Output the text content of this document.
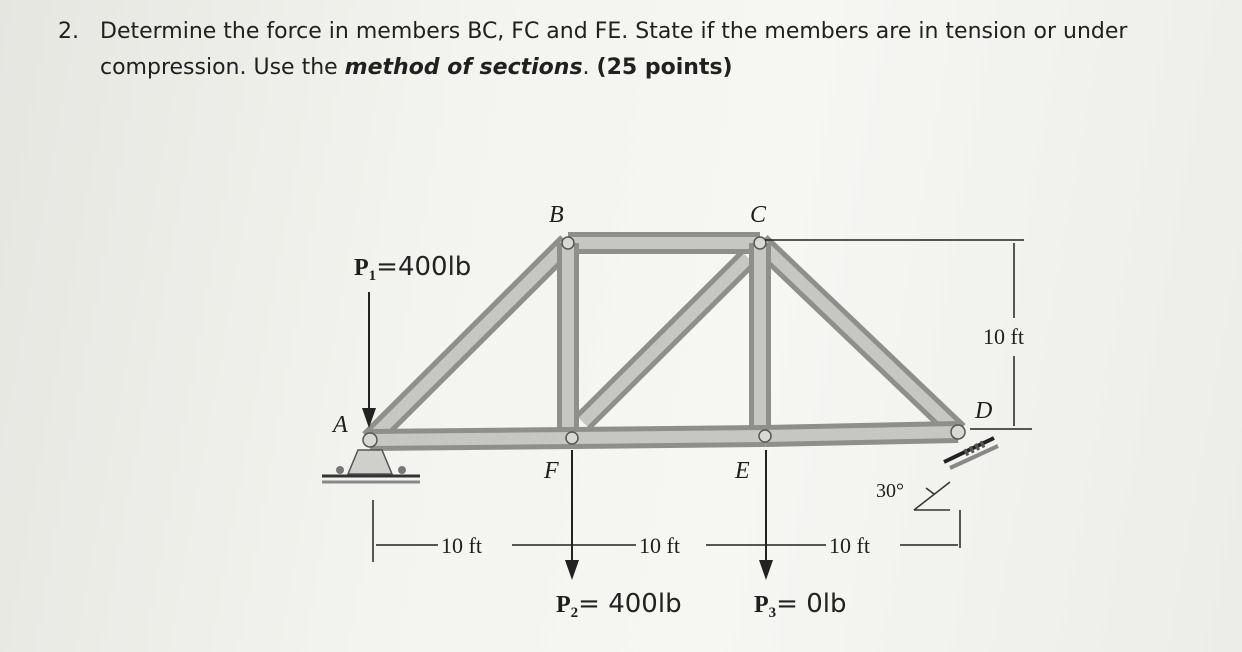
2. Determine the force in members BC, FC and FE. State if the members are in tension or under compression. Use the method of sections. (25 points)
30°
B	C
A
D
F	E
P1=400lb
P2= 400lb	P3= 0lb
10 ft	10 ft	10 ft
10 ft
